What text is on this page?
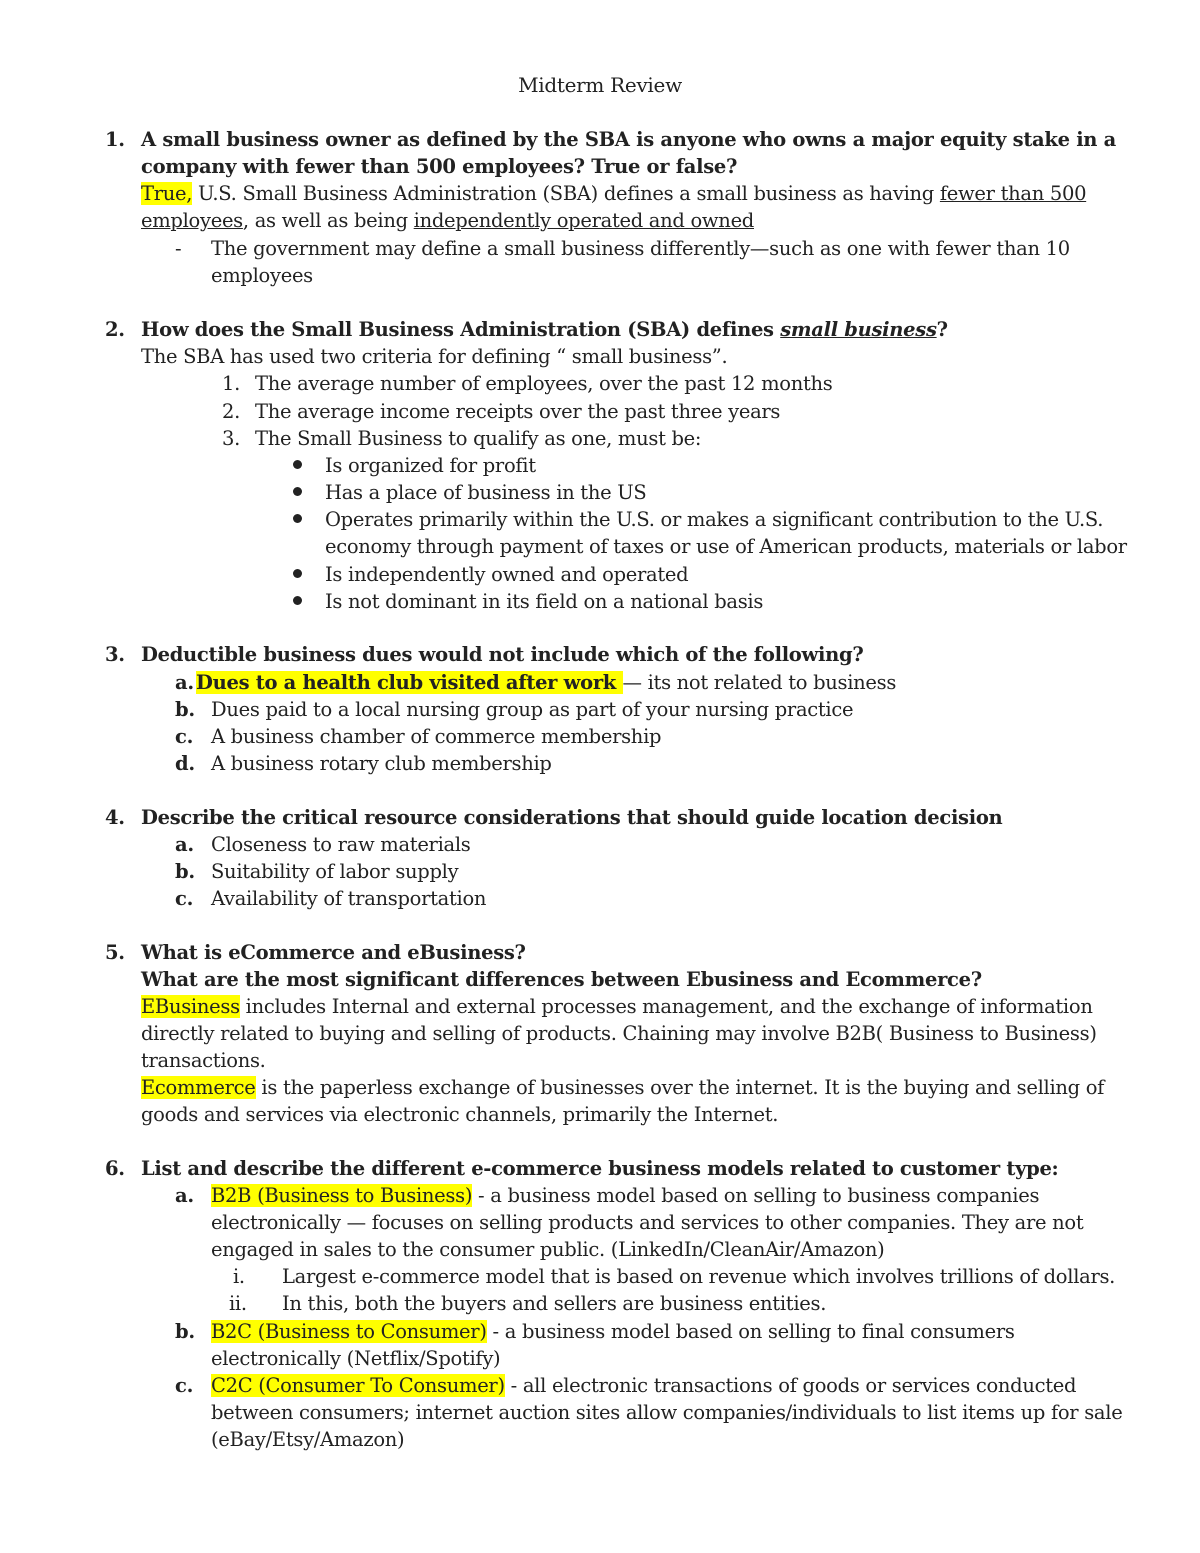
Midterm Review
1. A small business owner as defined by the SBA is anyone who owns a major equity stake in a
company with fewer than 500 employees? True or false?
True, U.S. Small Business Administration (SBA) defines a small business as having fewer than 500
employees, as well as being independently operated and owned
- The government may define a small business differently—such as one with fewer than 10
employees
2. How does the Small Business Administration (SBA) defines small business?
The SBA has used two criteria for defining “ small business”.
1. The average number of employees, over the past 12 months
2. The average income receipts over the past three years
3. The Small Business to qualify as one, must be:
Is organized for profit
Has a place of business in the US
Operates primarily within the U.S. or makes a significant contribution to the U.S.
economy through payment of taxes or use of American products, materials or labor
Is independently owned and operated
Is not dominant in its field on a national basis
3. Deductible business dues would not include which of the following?
a. Dues to a health club visited after work — its not related to business
b. Dues paid to a local nursing group as part of your nursing practice
c. A business chamber of commerce membership
d. A business rotary club membership
4. Describe the critical resource considerations that should guide location decision
a. Closeness to raw materials
b. Suitability of labor supply
c. Availability of transportation
5. What is eCommerce and eBusiness?
What are the most significant differences between Ebusiness and Ecommerce?
EBusiness includes Internal and external processes management, and the exchange of information
directly related to buying and selling of products. Chaining may involve B2B( Business to Business)
transactions.
Ecommerce is the paperless exchange of businesses over the internet. It is the buying and selling of
goods and services via electronic channels, primarily the Internet.
6. List and describe the different e-commerce business models related to customer type:
a. B2B (Business to Business) - a business model based on selling to business companies
electronically — focuses on selling products and services to other companies. They are not
engaged in sales to the consumer public. (LinkedIn/CleanAir/Amazon)
i. Largest e-commerce model that is based on revenue which involves trillions of dollars.
ii. In this, both the buyers and sellers are business entities.
b. B2C (Business to Consumer) - a business model based on selling to final consumers
electronically (Netflix/Spotify)
c. C2C (Consumer To Consumer) - all electronic transactions of goods or services conducted
between consumers; internet auction sites allow companies/individuals to list items up for sale
(eBay/Etsy/Amazon)
